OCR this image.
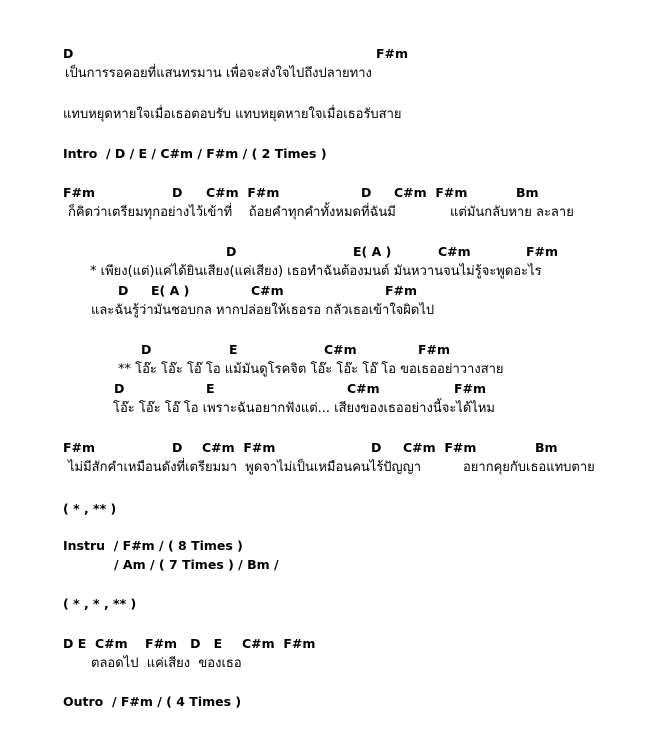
D	F#m
เป็นการรอคอยที่แสนทรมาน เพื่อจะส่งใจไปถึงปลายทาง
แทบหยุดหายใจเมื่อเธอตอบรับ แทบหยุดหายใจเมื่อเธอรับสาย
Intro  / D / E / C#m / F#m / ( 2 Times )
F#m	D C#m  F#m	D C#m  F#m	Bm
ก็คิดว่าเตรียมทุกอย่างไว้เข้าที่    ถ้อยคำทุกคำทั้งหมดที่ฉันมี	แต่มันกลับหาย ละลาย
D	E( A )	C#m	F#m
* เพียง(แต่)แค่ได้ยินเสียง(แค่เสียง) เธอทำฉันต้องมนต์ มันหวานจนไม่รู้จะพูดอะไร
D E( A )	C#m	F#m
และฉันรู้ว่ามันชอบกล หากปล่อยให้เธอรอ กลัวเธอเข้าใจผิดไป
D	E	C#m	F#m
** โอ๊ะ โอ๊ะ โอ๊ โอ แม้มันดูโรคจิต โอ๊ะ โอ๊ะ โอ๊ โอ ขอเธออย่าวางสาย
D	E	C#m	F#m
โอ๊ะ โอ๊ะ โอ๊ โอ เพราะฉันอยากฟังแต่... เสียงของเธออย่างนี้จะได้ไหม
F#m	D C#m  F#m	D C#m  F#m	Bm
ไม่มีสักคำเหมือนดังที่เตรียมมา  พูดจาไม่เป็นเหมือนคนไร้ปัญญา	อยากคุยกับเธอแทบตาย
( * , ** )
Instru  / F#m / ( 8 Times )
/ Am / ( 7 Times ) / Bm /
( * , * , ** )
D E  C#m    F#m   D   E C#m  F#m
ตลอดไป  แค่เสียง  ของเธอ
Outro  / F#m / ( 4 Times )
